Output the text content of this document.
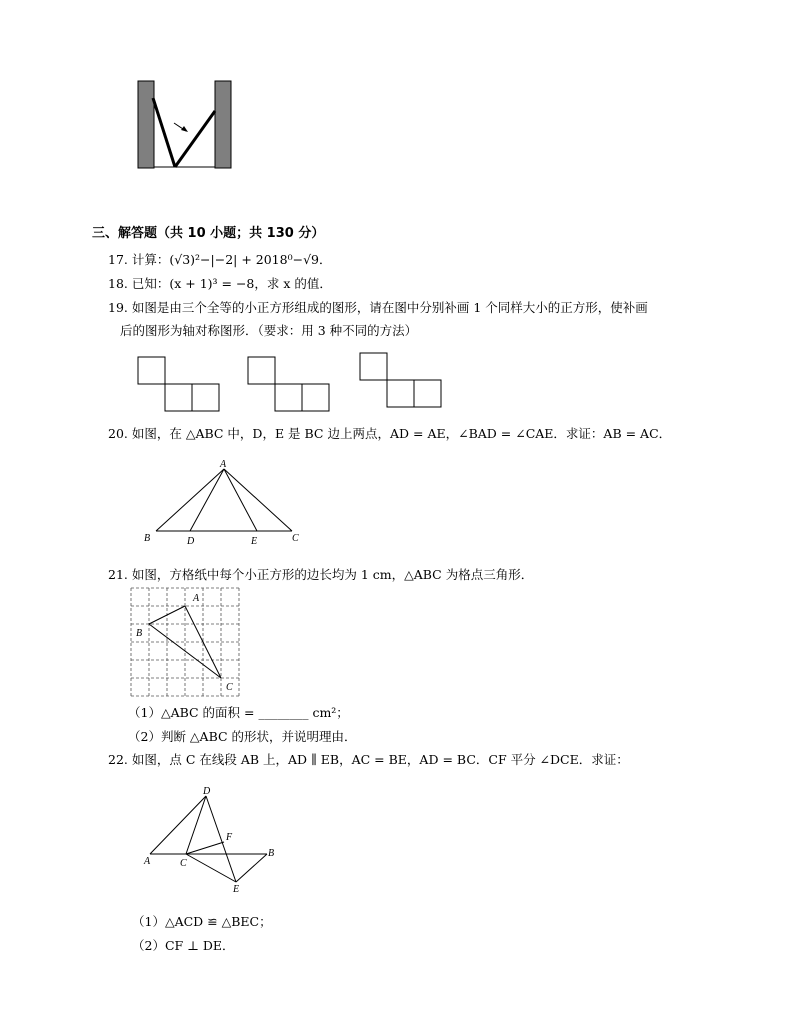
三、解答题（共 10 小题；共 130 分）
17. 计算：(√3)²−|−2| + 2018⁰−√9．
18. 已知：(x + 1)³ = −8，求 x 的值．
19. 如图是由三个全等的小正方形组成的图形，请在图中分别补画 1 个同样大小的正方形，使补画
后的图形为轴对称图形．（要求：用 3 种不同的方法）
20. 如图，在 △ABC 中，D，E 是 BC 边上两点，AD = AE，∠BAD = ∠CAE．求证：AB = AC．
A
B	D	E	C
21. 如图，方格纸中每个小正方形的边长均为 1 cm，△ABC 为格点三角形．
A
B
C
（1）△ABC 的面积 = ________ cm²；
（2）判断 △ABC 的形状，并说明理由．
22. 如图，点 C 在线段 AB 上，AD ∥ EB，AC = BE，AD = BC．CF 平分 ∠DCE．求证：
D
F
A	C
B
E
（1）△ACD ≌ △BEC；
（2）CF ⊥ DE．
